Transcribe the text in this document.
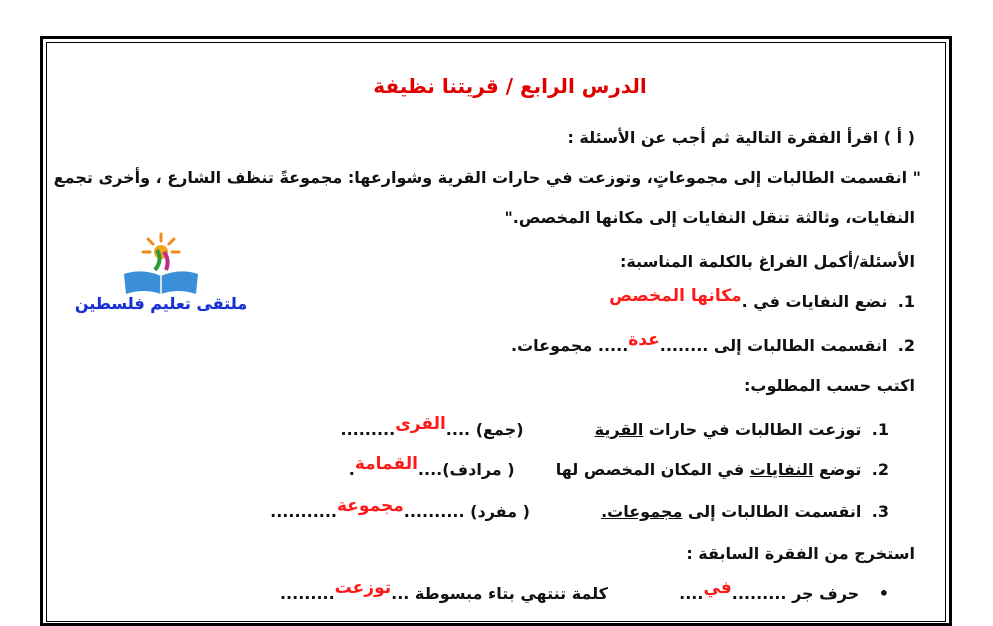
الدرس الرابع / قريتنا نظيفة
( أ ) اقرأ الفقرة التالية ثم أجب عن الأسئلة :
" انقسمت الطالبات إلى مجموعاتٍ، وتوزعت في حارات القرية وشوارعها: مجموعةً تنظف الشارع ، وأخرى تجمع
النفايات، وثالثة تنقل النفايات إلى مكانها المخصص."
الأسئلة/أكمل الفراغ بالكلمة المناسبة:
ملتقى تعليم فلسطين	1. نضع النفايات في .مكانها المخصص
2. انقسمت الطالبات إلى ........عدة..... مجموعات.
اكتب حسب المطلوب:
1. توزعت الطالبات في حارات القرية  (جمع) ....القرى.........
2. توضع النفايات في المكان المخصص لها  ( مرادف)....القمامة.
3. انقسمت الطالبات إلى مجموعات.  ( مفرد) ..........مجموعة...........
استخرج من الفقرة السابقة :
• حرف جر .........في....  كلمة تنتهي بتاء مبسوطة ...توزعت.........
